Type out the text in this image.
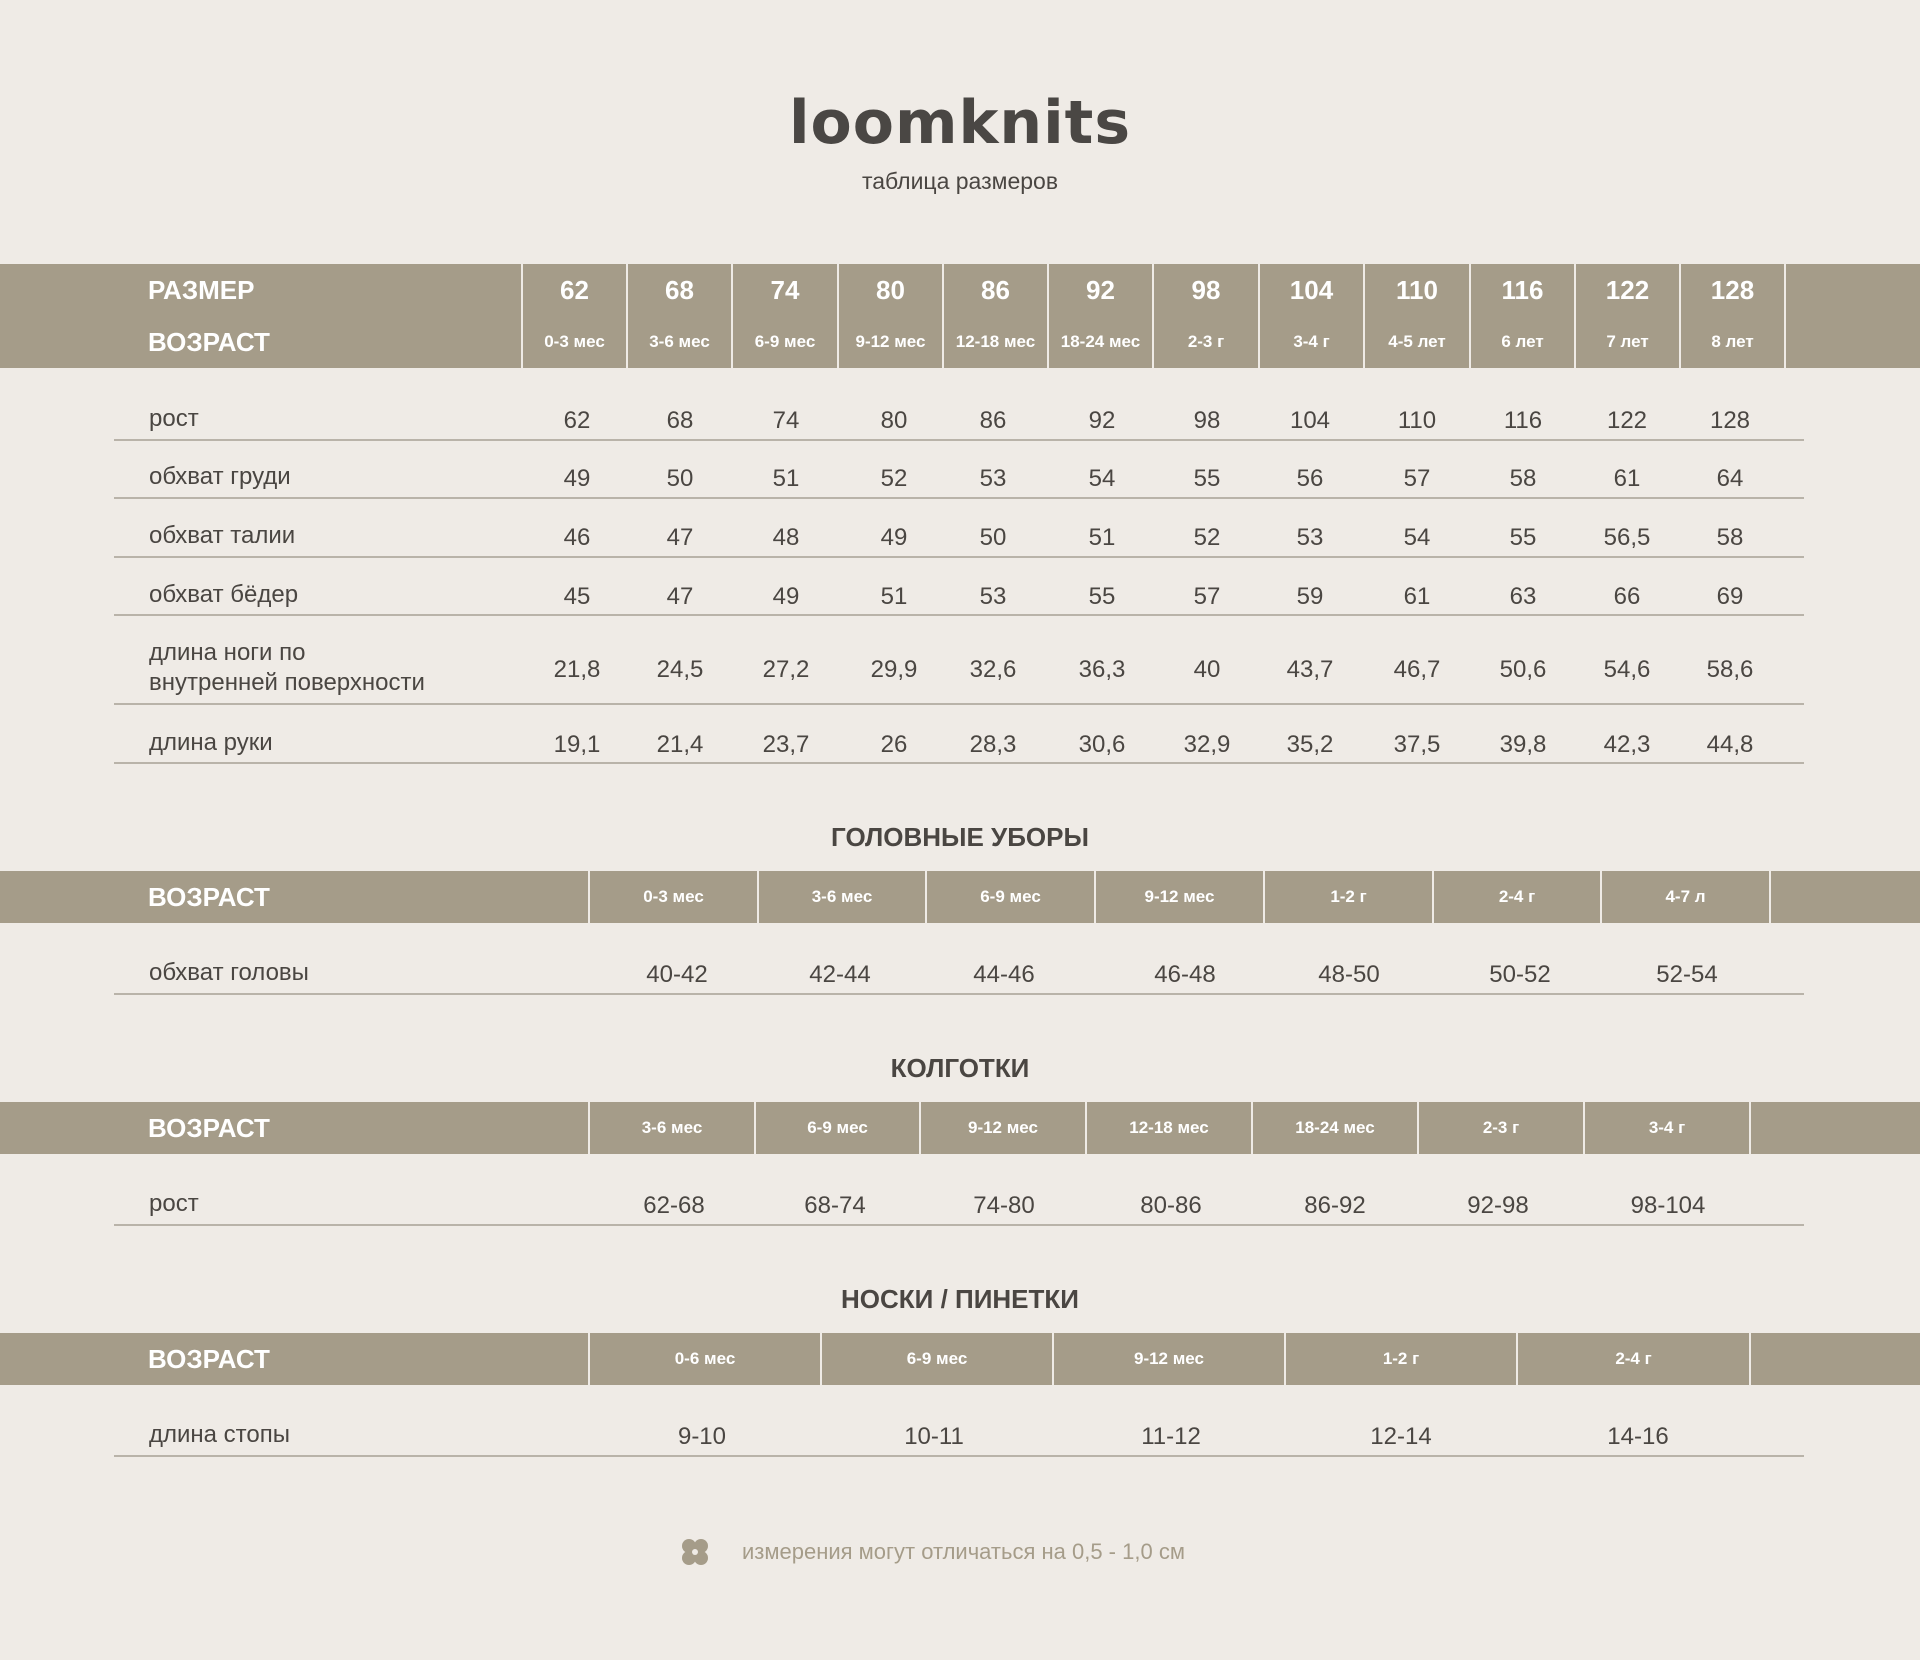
loomknits
таблица размеров
РАЗМЕР	62	68	74	80	86	92	98	104	110	116	122	128
ВОЗРАСТ	0-3 мес	3-6 мес	6-9 мес	9-12 мес	12-18 мес	18-24 мес	2-3 г	3-4 г	4-5 лет	6 лет	7 лет	8 лет
рост	62	68	74	80	86	92	98	104	110	116	122	128
обхват груди	49	50	51	52	53	54	55	56	57	58	61	64
обхват талии	46	47	48	49	50	51	52	53	54	55	56,5	58
обхват бёдер	45	47	49	51	53	55	57	59	61	63	66	69
длина ноги по
внутренней поверхности	21,8	24,5	27,2	29,9	32,6	36,3	40	43,7	46,7	50,6	54,6	58,6
длина руки	19,1	21,4	23,7	26	28,3	30,6	32,9	35,2	37,5	39,8	42,3	44,8
ГОЛОВНЫЕ УБОРЫ
ВОЗРАСТ	0-3 мес	3-6 мес	6-9 мес	9-12 мес	1-2 г	2-4 г	4-7 л
обхват головы	40-42	42-44	44-46	46-48	48-50	50-52	52-54
КОЛГОТКИ
ВОЗРАСТ	3-6 мес	6-9 мес	9-12 мес	12-18 мес	18-24 мес	2-3 г	3-4 г
рост	62-68	68-74	74-80	80-86	86-92	92-98	98-104
НОСКИ / ПИНЕТКИ
ВОЗРАСТ	0-6 мес	6-9 мес	9-12 мес	1-2 г	2-4 г
длина стопы	9-10	10-11	11-12	12-14	14-16
измерения могут отличаться на 0,5 - 1,0 см
